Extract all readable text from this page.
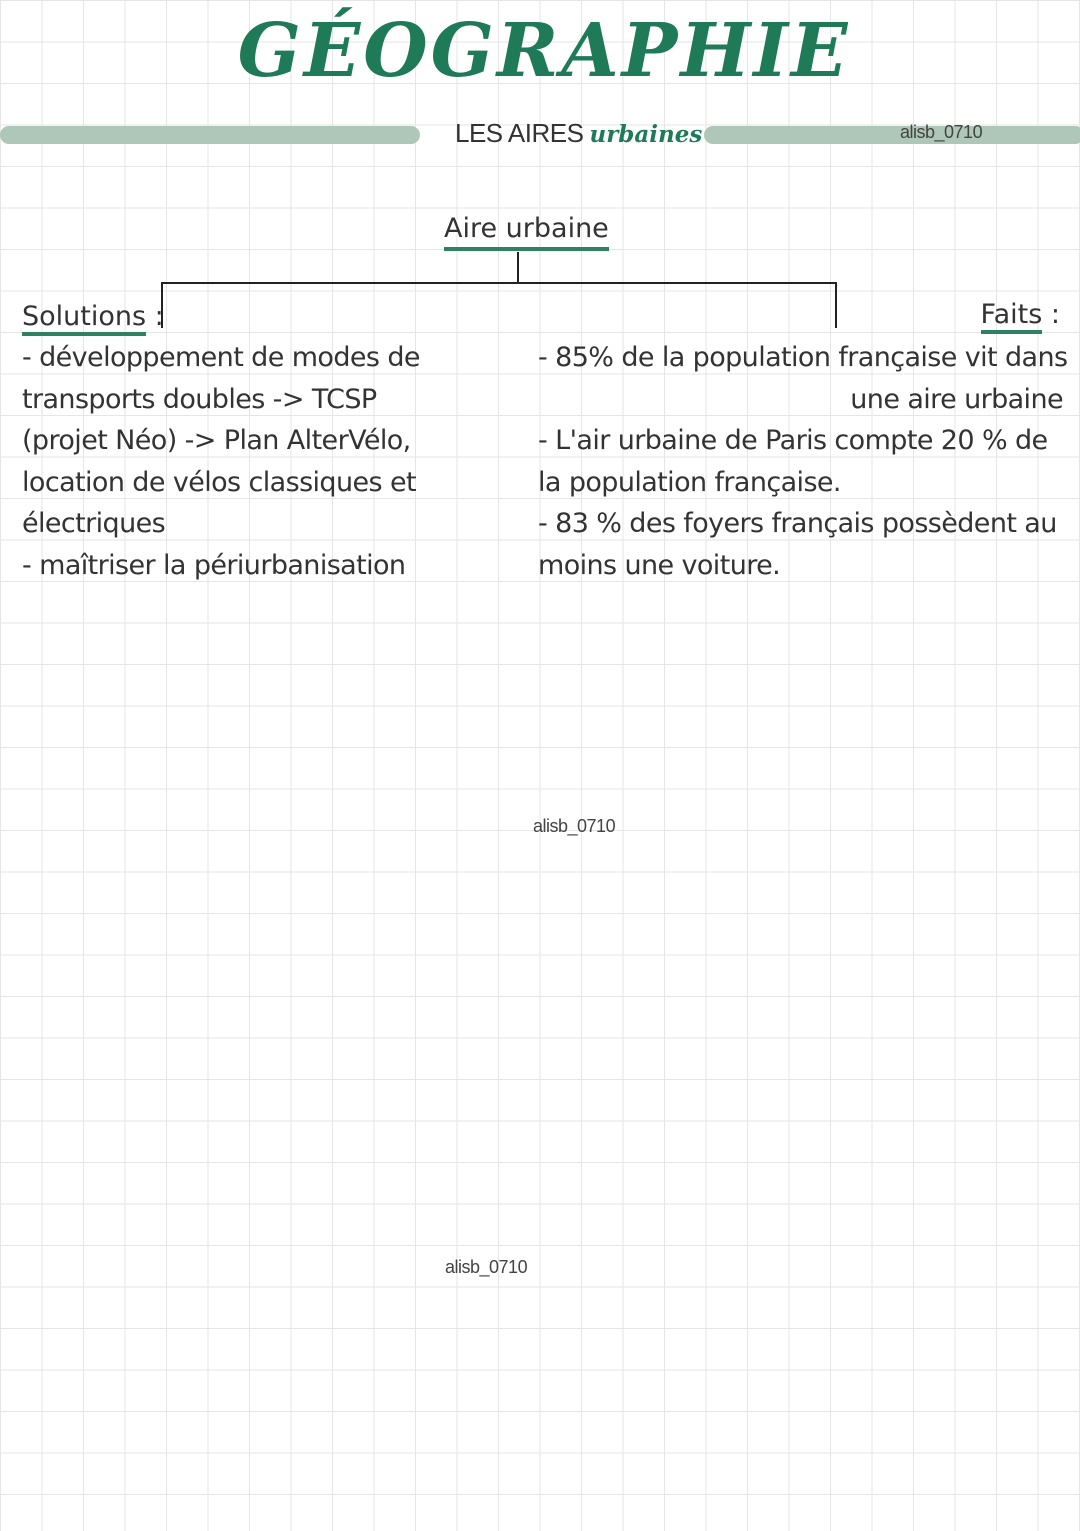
GÉOGRAPHIE
LES AIRES urbaines	alisb_0710
Aire urbaine
Solutions :	Faits :
- développement de modes de
transports doubles -> TCSP
(projet Néo) -> Plan AlterVélo,
location de vélos classiques et
électriques
- maîtriser la périurbanisation
- 85% de la population française vit dans
une aire urbaine
- L'air urbaine de Paris compte 20 % de
la population française.
- 83 % des foyers français possèdent au
moins une voiture.
alisb_0710
alisb_0710
